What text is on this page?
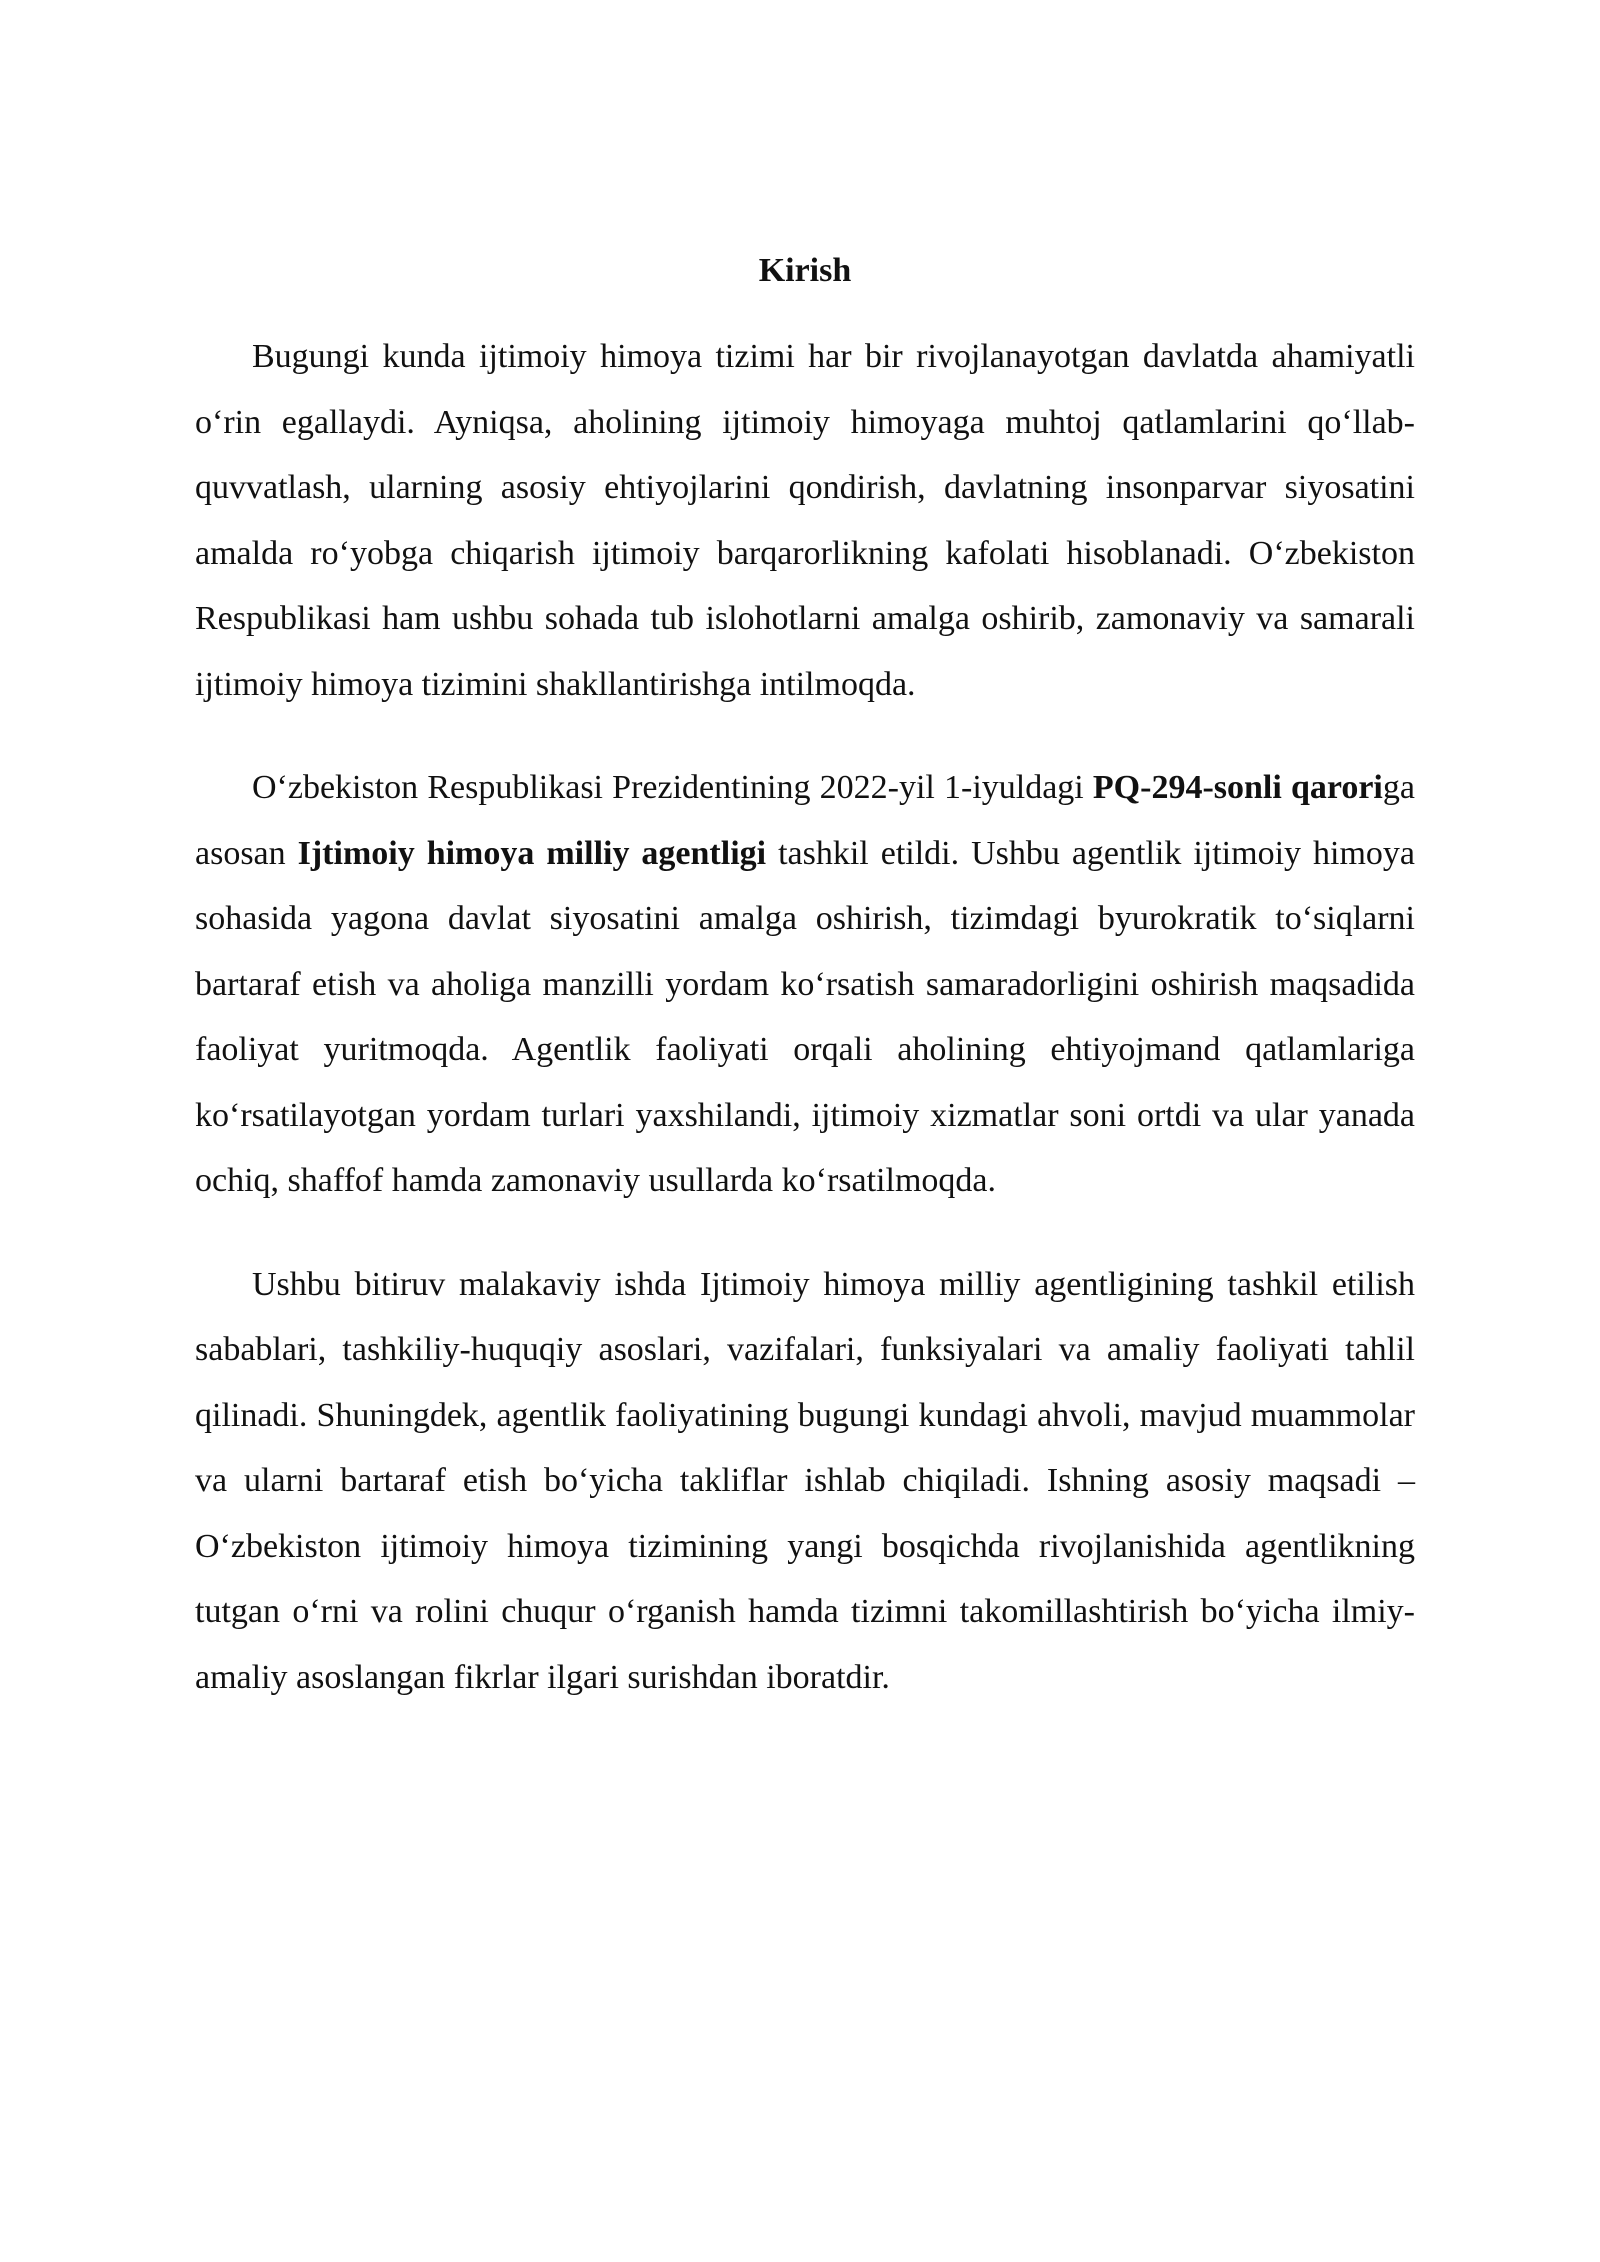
Kirish

Bugungi kunda ijtimoiy himoya tizimi har bir rivojlanayotgan davlatda ahamiyatli o‘rin egallaydi. Ayniqsa, aholining ijtimoiy himoyaga muhtoj qatlamlarini qo‘llab-quvvatlash, ularning asosiy ehtiyojlarini qondirish, davlatning insonparvar siyosatini amalda ro‘yobga chiqarish ijtimoiy barqarorlikning kafolati hisoblanadi. O‘zbekiston Respublikasi ham ushbu sohada tub islohotlarni amalga oshirib, zamonaviy va samarali ijtimoiy himoya tizimini shakllantirishga intilmoqda.

O‘zbekiston Respublikasi Prezidentining 2022-yil 1-iyuldagi PQ-294-sonli qaroriga asosan Ijtimoiy himoya milliy agentligi tashkil etildi. Ushbu agentlik ijtimoiy himoya sohasida yagona davlat siyosatini amalga oshirish, tizimdagi byurokratik to‘siqlarni bartaraf etish va aholiga manzilli yordam ko‘rsatish samaradorligini oshirish maqsadida faoliyat yuritmoqda. Agentlik faoliyati orqali aholining ehtiyojmand qatlamlariga ko‘rsatilayotgan yordam turlari yaxshilandi, ijtimoiy xizmatlar soni ortdi va ular yanada ochiq, shaffof hamda zamonaviy usullarda ko‘rsatilmoqda.

Ushbu bitiruv malakaviy ishda Ijtimoiy himoya milliy agentligining tashkil etilish sabablari, tashkiliy-huquqiy asoslari, vazifalari, funksiyalari va amaliy faoliyati tahlil qilinadi. Shuningdek, agentlik faoliyatining bugungi kundagi ahvoli, mavjud muammolar va ularni bartaraf etish bo‘yicha takliflar ishlab chiqiladi. Ishning asosiy maqsadi – O‘zbekiston ijtimoiy himoya tizimining yangi bosqichda rivojlanishida agentlikning tutgan o‘rni va rolini chuqur o‘rganish hamda tizimni takomillashtirish bo‘yicha ilmiy-amaliy asoslangan fikrlar ilgari surishdan iboratdir.
